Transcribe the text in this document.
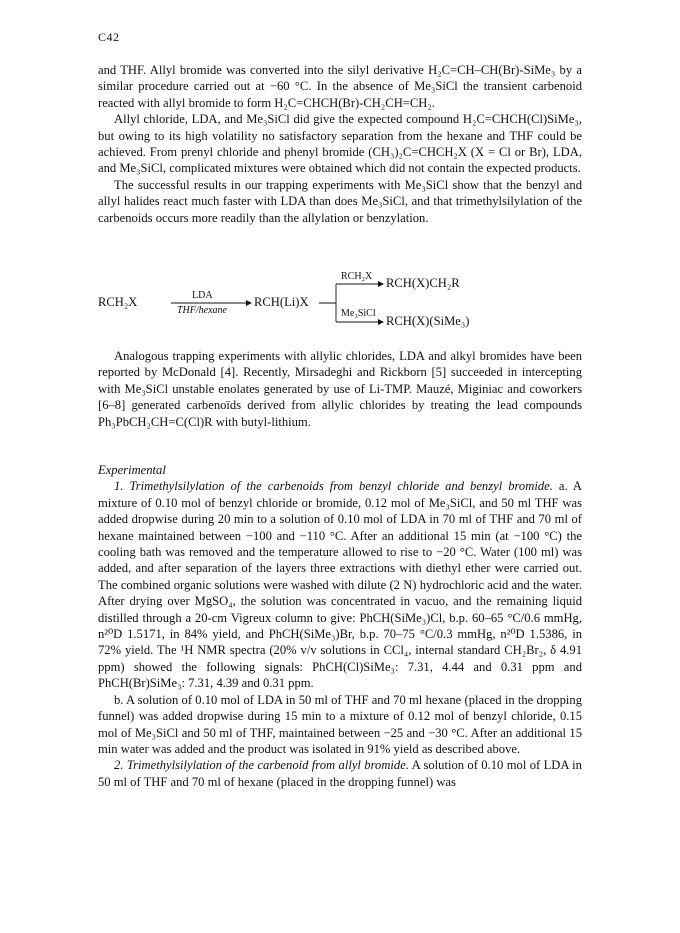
C42

and THF. Allyl bromide was converted into the silyl derivative H₂C=CH–CH(Br)-SiMe₃ by a similar procedure carried out at −60 °C. In the absence of Me₃SiCl the transient carbenoid reacted with allyl bromide to form H₂C=CHCH(Br)-CH₂CH=CH₂.

Allyl chloride, LDA, and Me₃SiCl did give the expected compound H₂C=CHCH(Cl)SiMe₃, but owing to its high volatility no satisfactory separation from the hexane and THF could be achieved. From prenyl chloride and phenyl bromide (CH₃)₂C=CHCH₂X (X = Cl or Br), LDA, and Me₃SiCl, complicated mixtures were obtained which did not contain the expected products.

The successful results in our trapping experiments with Me₃SiCl show that the benzyl and allyl halides react much faster with LDA than does Me₃SiCl, and that trimethylsilylation of the carbenoids occurs more readily than the allylation or benzylation.

RCH₂X	LDA
THF/hexane
RCH(Li)X
RCH₂X RCH(X)CH₂R
Me₃SiCl
RCH(X)(SiMe₃)

Analogous trapping experiments with allylic chlorides, LDA and alkyl bromides have been reported by McDonald [4]. Recently, Mirsadeghi and Rickborn [5] succeeded in intercepting with Me₃SiCl unstable enolates generated by use of Li-TMP. Mauzé, Miginiac and coworkers [6–8] generated carbenoïds derived from allylic chlorides by treating the lead compounds Ph₃PbCH₂CH=C(Cl)R with butyl-lithium.

Experimental

1. Trimethylsilylation of the carbenoids from benzyl chloride and benzyl bromide. a. A mixture of 0.10 mol of benzyl chloride or bromide, 0.12 mol of Me₃SiCl, and 50 ml THF was added dropwise during 20 min to a solution of 0.10 mol of LDA in 70 ml of THF and 70 ml of hexane maintained between −100 and −110 °C. After an additional 15 min (at −100 °C) the cooling bath was removed and the temperature allowed to rise to −20 °C. Water (100 ml) was added, and after separation of the layers three extractions with diethyl ether were carried out. The combined organic solutions were washed with dilute (2 N) hydrochloric acid and the water. After drying over MgSO₄, the solution was concentrated in vacuo, and the remaining liquid distilled through a 20-cm Vigreux column to give: PhCH(SiMe₃)Cl, b.p. 60–65 °C/0.6 mmHg, n²⁰D 1.5171, in 84% yield, and PhCH(SiMe₃)Br, b.p. 70–75 °C/0.3 mmHg, n²⁰D 1.5386, in 72% yield. The ¹H NMR spectra (20% v/v solutions in CCl₄, internal standard CH₂Br₂, δ 4.91 ppm) showed the following signals: PhCH(Cl)SiMe₃: 7.31, 4.44 and 0.31 ppm and PhCH(Br)SiMe₃: 7.31, 4.39 and 0.31 ppm.

b. A solution of 0.10 mol of LDA in 50 ml of THF and 70 ml hexane (placed in the dropping funnel) was added dropwise during 15 min to a mixture of 0.12 mol of benzyl chloride, 0.15 mol of Me₃SiCl and 50 ml of THF, maintained between −25 and −30 °C. After an additional 15 min water was added and the product was isolated in 91% yield as described above.

2. Trimethylsilylation of the carbenoid from allyl bromide. A solution of 0.10 mol of LDA in 50 ml of THF and 70 ml of hexane (placed in the dropping funnel) was
